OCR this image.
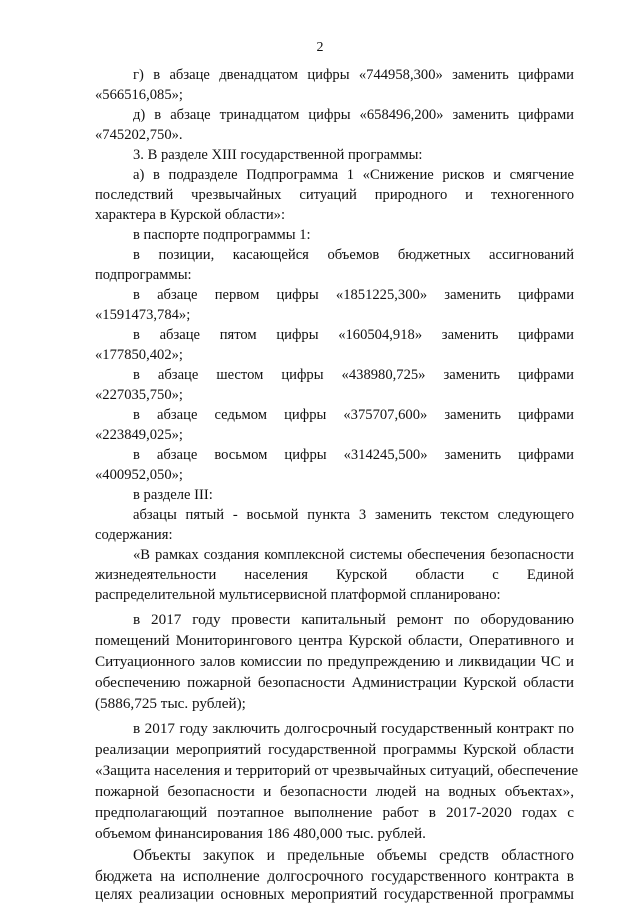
2
г) в абзаце двенадцатом цифры «744958,300» заменить цифрами
«566516,085»;
д) в абзаце тринадцатом цифры «658496,200» заменить цифрами
«745202,750».
3. В разделе XIII государственной программы:
а) в подразделе Подпрограмма 1 «Снижение рисков и смягчение
последствий чрезвычайных ситуаций природного и техногенного
характера в Курской области»:
в паспорте подпрограммы 1:
в позиции, касающейся объемов бюджетных ассигнований
подпрограммы:
в абзаце первом цифры «1851225,300» заменить цифрами
«1591473,784»;
в абзаце пятом цифры «160504,918» заменить цифрами
«177850,402»;
в абзаце шестом цифры «438980,725» заменить цифрами
«227035,750»;
в абзаце седьмом цифры «375707,600» заменить цифрами
«223849,025»;
в абзаце восьмом цифры «314245,500» заменить цифрами
«400952,050»;
в разделе III:
абзацы пятый - восьмой пункта 3 заменить текстом следующего
содержания:
«В рамках создания комплексной системы обеспечения безопасности
жизнедеятельности населения Курской области с Единой
распределительной мультисервисной платформой спланировано:
в 2017 году провести капитальный ремонт по оборудованию
помещений Мониторингового центра Курской области, Оперативного и
Ситуационного залов комиссии по предупреждению и ликвидации ЧС и
обеспечению пожарной безопасности Администрации Курской области
(5886,725 тыс. рублей);
в 2017 году заключить долгосрочный государственный контракт по
реализации мероприятий государственной программы Курской области
«Защита населения и территорий от чрезвычайных ситуаций, обеспечение
пожарной безопасности и безопасности людей на водных объектах»,
предполагающий поэтапное выполнение работ в 2017-2020 годах с
объемом финансирования 186 480,000 тыс. рублей.
Объекты закупок и предельные объемы средств областного
бюджета на исполнение долгосрочного государственного контракта в
целях реализации основных мероприятий государственной программы
